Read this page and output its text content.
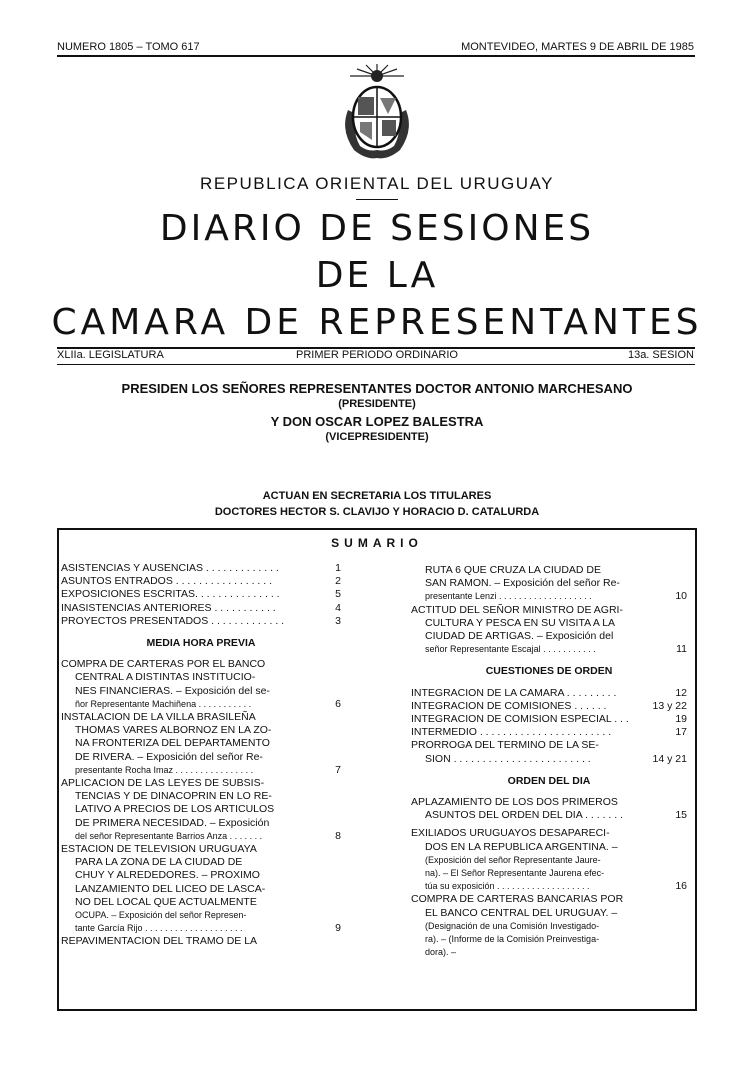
NUMERO 1805 – TOMO 617	MONTEVIDEO, MARTES 9 DE ABRIL DE 1985
REPUBLICA ORIENTAL DEL URUGUAY
DIARIO DE SESIONES
DE LA
CAMARA DE REPRESENTANTES
XLIIa. LEGISLATURA	PRIMER PERIODO ORDINARIO	13a. SESION
PRESIDEN LOS SEÑORES REPRESENTANTES DOCTOR ANTONIO MARCHESANO
(PRESIDENTE)
Y DON OSCAR LOPEZ BALESTRA
(VICEPRESIDENTE)
ACTUAN EN SECRETARIA LOS TITULARES
DOCTORES HECTOR S. CLAVIJO Y HORACIO D. CATALURDA
SUMARIO
ASISTENCIAS Y AUSENCIAS . . . . . . . . . . . . .	1
ASUNTOS ENTRADOS . . . . . . . . . . . . . . . . .	2
EXPOSICIONES ESCRITAS. . . . . . . . . . . . . . .	5
INASISTENCIAS ANTERIORES . . . . . . . . . . .	4
PROYECTOS PRESENTADOS . . . . . . . . . . . . .	3
MEDIA HORA PREVIA
COMPRA DE CARTERAS POR EL BANCO
CENTRAL A DISTINTAS INSTITUCIO-
NES FINANCIERAS. – Exposición del se-
ñor Representante Machiñena . . . . . . . . . . .	6
INSTALACION DE LA VILLA BRASILEÑA
THOMAS VARES ALBORNOZ EN LA ZO-
NA FRONTERIZA DEL DEPARTAMENTO
DE RIVERA. – Exposición del señor Re-
presentante Rocha Imaz . . . . . . . . . . . . . . . .	7
APLICACION DE LAS LEYES DE SUBSIS-
TENCIAS Y DE DINACOPRIN EN LO RE-
LATIVO A PRECIOS DE LOS ARTICULOS
DE PRIMERA NECESIDAD. – Exposición
del señor Representante Barrios Anza . . . . . . .	8
ESTACION DE TELEVISION URUGUAYA
PARA LA ZONA DE LA CIUDAD DE
CHUY Y ALREDEDORES. – PROXIMO
LANZAMIENTO DEL LICEO DE LASCA-
NO DEL LOCAL QUE ACTUALMENTE
OCUPA. – Exposición del señor Represen-
tante García Rijo . . . . . . . . . . . . . . . . . . . .	9
REPAVIMENTACION DEL TRAMO DE LA
RUTA 6 QUE CRUZA LA CIUDAD DE
SAN RAMON. – Exposición del señor Re-
presentante Lenzi . . . . . . . . . . . . . . . . . . .	10
ACTITUD DEL SEÑOR MINISTRO DE AGRI-
CULTURA Y PESCA EN SU VISITA A LA
CIUDAD DE ARTIGAS. – Exposición del
señor Representante Escajal . . . . . . . . . . .	11
CUESTIONES DE ORDEN
INTEGRACION DE LA CAMARA . . . . . . . . .	12
INTEGRACION DE COMISIONES . . . . . .	13 y 22
INTEGRACION DE COMISION ESPECIAL . . .	19
INTERMEDIO . . . . . . . . . . . . . . . . . . . . . . .	17
PRORROGA DEL TERMINO DE LA SE-
SION . . . . . . . . . . . . . . . . . . . . . . . .	14 y 21
ORDEN DEL DIA
APLAZAMIENTO DE LOS DOS PRIMEROS
ASUNTOS DEL ORDEN DEL DIA . . . . . . .	15
EXILIADOS URUGUAYOS DESAPARECI-
DOS EN LA REPUBLICA ARGENTINA. –
(Exposición del señor Representante Jaure-
na). – El Señor Representante Jaurena efec-
túa su exposición . . . . . . . . . . . . . . . . . . .	16
COMPRA DE CARTERAS BANCARIAS POR
EL BANCO CENTRAL DEL URUGUAY. –
(Designación de una Comisión Investigado-
ra). – (Informe de la Comisión Preinvestiga-
dora). –
